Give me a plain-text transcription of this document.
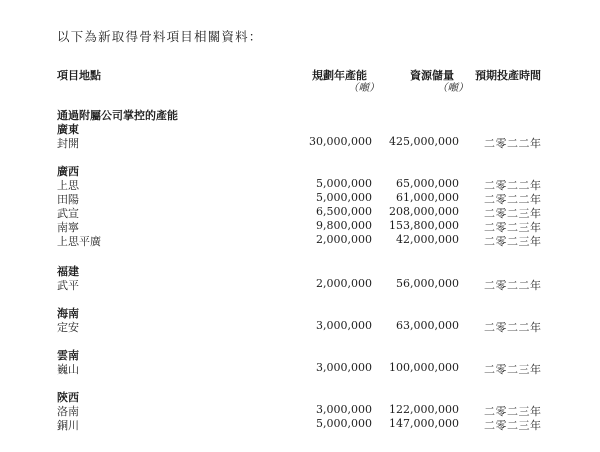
以下為新取得骨料項目相關資料：
項目地點	規劃年產能	資源儲量 預期投產時間
（噸）	（噸）
通過附屬公司掌控的產能
廣東
封開	30,000,000 425,000,000 二零二二年
廣西
上思	5,000,000 65,000,000 二零二二年
田陽	5,000,000 61,000,000 二零二二年
武宣	6,500,000 208,000,000 二零二三年
南寧	9,800,000 153,800,000 二零二三年
上思平廣	2,000,000 42,000,000 二零二三年
福建
武平	2,000,000 56,000,000 二零二二年
海南
定安	3,000,000 63,000,000 二零二二年
雲南
巍山	3,000,000 100,000,000 二零二三年
陝西
洛南	3,000,000 122,000,000 二零二三年
銅川	5,000,000 147,000,000 二零二三年
